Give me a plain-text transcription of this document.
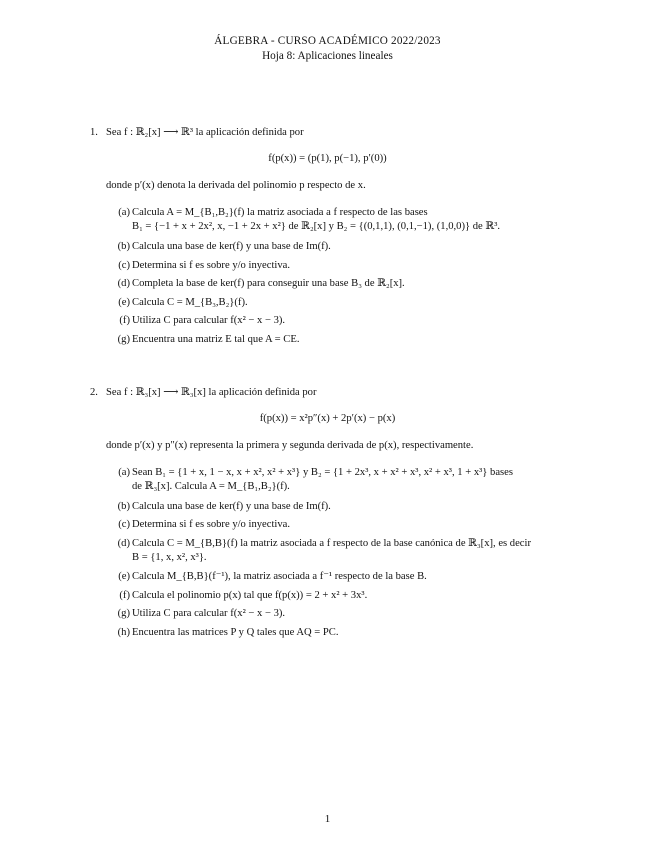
ÁLGEBRA - CURSO ACADÉMICO 2022/2023
Hoja 8: Aplicaciones lineales
1. Sea f : ℝ₂[x] ⟶ ℝ³ la aplicación definida por
f(p(x)) = (p(1), p(−1), p′(0))
donde p′(x) denota la derivada del polinomio p respecto de x.
(a) Calcula A = M_{B₁,B₂}(f) la matriz asociada a f respecto de las bases
B₁ = {−1 + x + 2x², x, −1 + 2x + x²} de ℝ₂[x] y B₂ = {(0,1,1), (0,1,−1), (1,0,0)} de ℝ³.
(b) Calcula una base de ker(f) y una base de Im(f).
(c) Determina si f es sobre y/o inyectiva.
(d) Completa la base de ker(f) para conseguir una base B₃ de ℝ₂[x].
(e) Calcula C = M_{B₃,B₂}(f).
(f) Utiliza C para calcular f(x² − x − 3).
(g) Encuentra una matriz E tal que A = CE.
2. Sea f : ℝ₃[x] ⟶ ℝ₃[x] la aplicación definida por
f(p(x)) = x²p″(x) + 2p′(x) − p(x)
donde p′(x) y p″(x) representa la primera y segunda derivada de p(x), respectivamente.
(a) Sean B₁ = {1 + x, 1 − x, x + x², x² + x³} y B₂ = {1 + 2x³, x + x² + x³, x² + x³, 1 + x³} bases
de ℝ₃[x]. Calcula A = M_{B₁,B₂}(f).
(b) Calcula una base de ker(f) y una base de Im(f).
(c) Determina si f es sobre y/o inyectiva.
(d) Calcula C = M_{B,B}(f) la matriz asociada a f respecto de la base canónica de ℝ₃[x], es decir
B = {1, x, x², x³}.
(e) Calcula M_{B,B}(f⁻¹), la matriz asociada a f⁻¹ respecto de la base B.
(f) Calcula el polinomio p(x) tal que f(p(x)) = 2 + x² + 3x³.
(g) Utiliza C para calcular f(x² − x − 3).
(h) Encuentra las matrices P y Q tales que AQ = PC.
1
